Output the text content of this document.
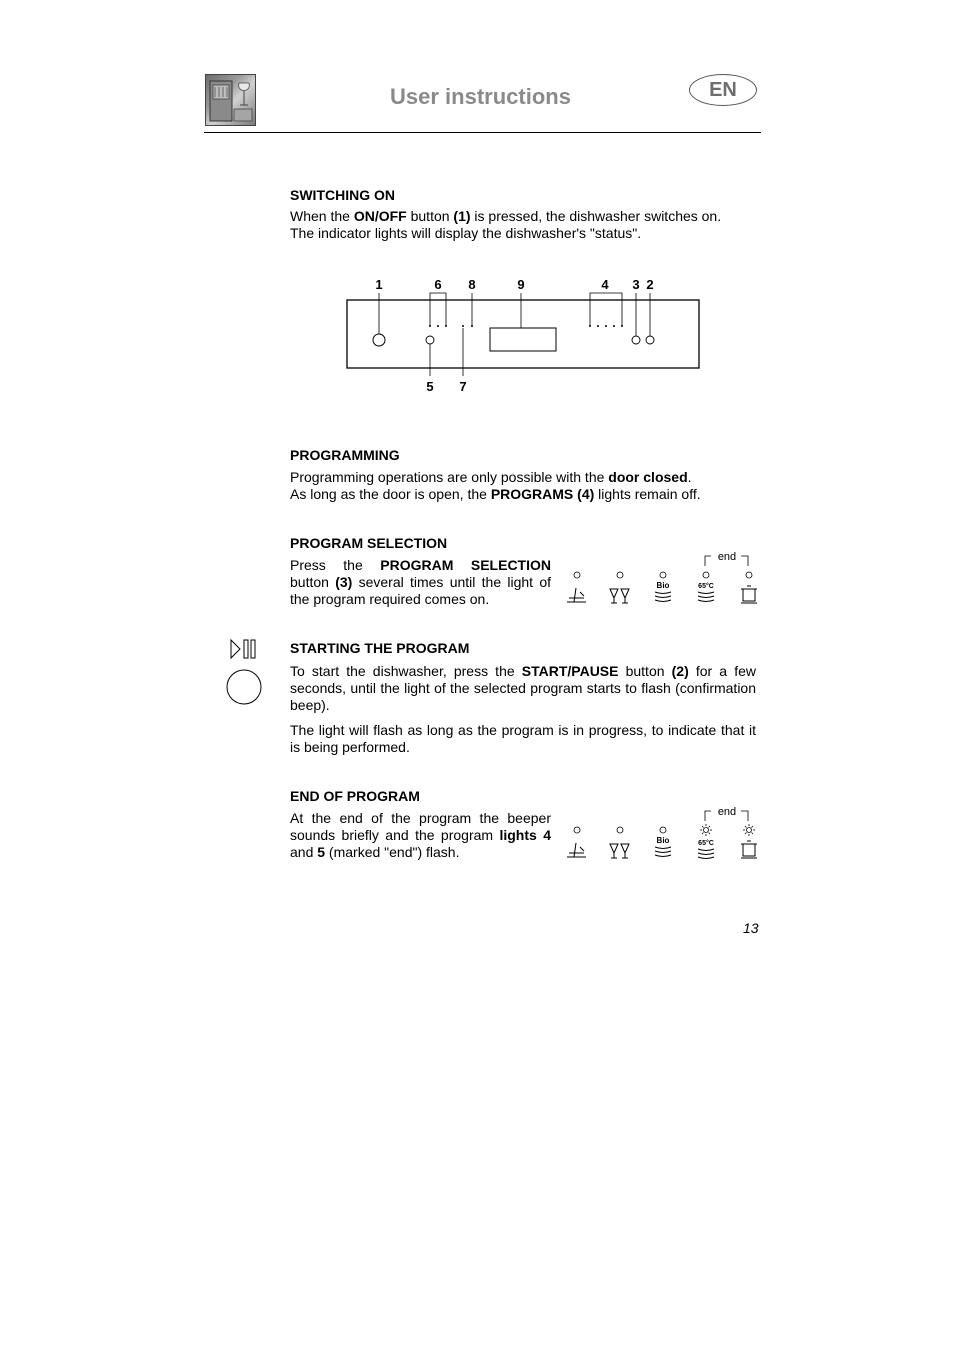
User instructions	EN
SWITCHING ON
When the ON/OFF button (1) is pressed, the dishwasher switches on.
The indicator lights will display the dishwasher's "status".
1	6 8	9	4 3 2
5 7
PROGRAMMING
Programming operations are only possible with the door closed.
As long as the door is open, the PROGRAMS (4) lights remain off.
PROGRAM SELECTION
Press the PROGRAM SELECTION button (3) several times until the light of the program required comes on.
end
Bio	65°C
STARTING THE PROGRAM
To start the dishwasher, press the START/PAUSE button (2) for a few seconds, until the light of the selected program starts to flash (confirmation beep).
The light will flash as long as the program is in progress, to indicate that it is being performed.
END OF PROGRAM
At the end of the program the beeper sounds briefly and the program lights 4 and 5 (marked "end") flash.
end
Bio	65°C
13
